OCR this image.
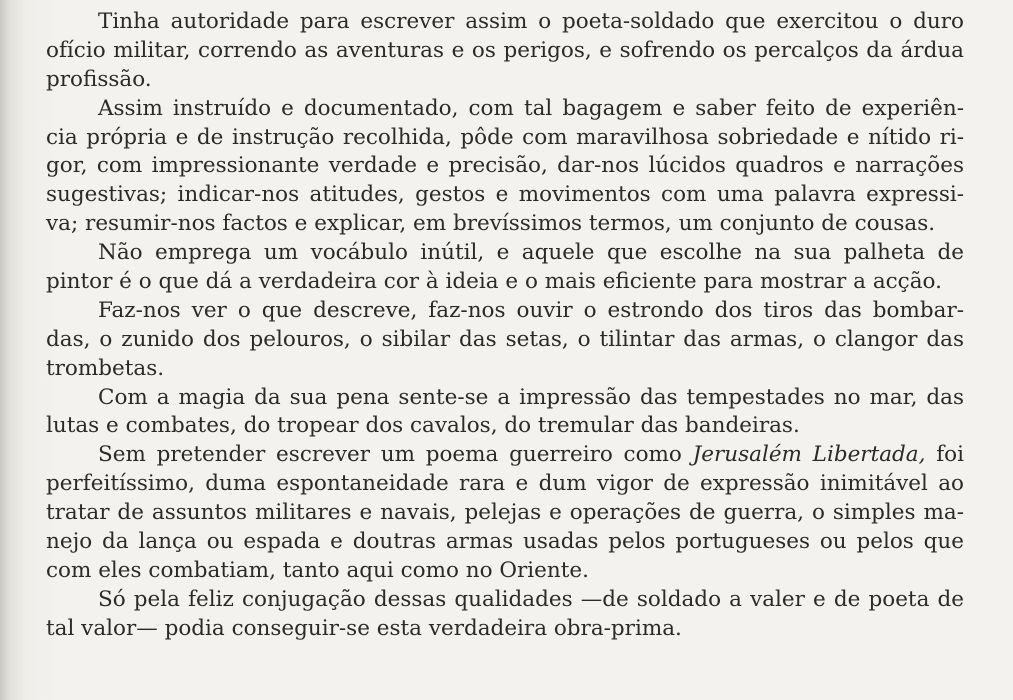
Tinha autoridade para escrever assim o poeta-soldado que exercitou o duro
ofício militar, correndo as aventuras e os perigos, e sofrendo os percalços da árdua
profissão.
Assim instruído e documentado, com tal bagagem e saber feito de experiên-
cia própria e de instrução recolhida, pôde com maravilhosa sobriedade e nítido ri-
gor, com impressionante verdade e precisão, dar-nos lúcidos quadros e narrações
sugestivas; indicar-nos atitudes, gestos e movimentos com uma palavra expressi-
va; resumir-nos factos e explicar, em brevíssimos termos, um conjunto de cousas.
Não emprega um vocábulo inútil, e aquele que escolhe na sua palheta de
pintor é o que dá a verdadeira cor à ideia e o mais eficiente para mostrar a acção.
Faz-nos ver o que descreve, faz-nos ouvir o estrondo dos tiros das bombar-
das, o zunido dos pelouros, o sibilar das setas, o tilintar das armas, o clangor das
trombetas.
Com a magia da sua pena sente-se a impressão das tempestades no mar, das
lutas e combates, do tropear dos cavalos, do tremular das bandeiras.
Sem pretender escrever um poema guerreiro como Jerusalém Libertada, foi
perfeitíssimo, duma espontaneidade rara e dum vigor de expressão inimitável ao
tratar de assuntos militares e navais, pelejas e operações de guerra, o simples ma-
nejo da lança ou espada e doutras armas usadas pelos portugueses ou pelos que
com eles combatiam, tanto aqui como no Oriente.
Só pela feliz conjugação dessas qualidades —de soldado a valer e de poeta de
tal valor— podia conseguir-se esta verdadeira obra-prima.
